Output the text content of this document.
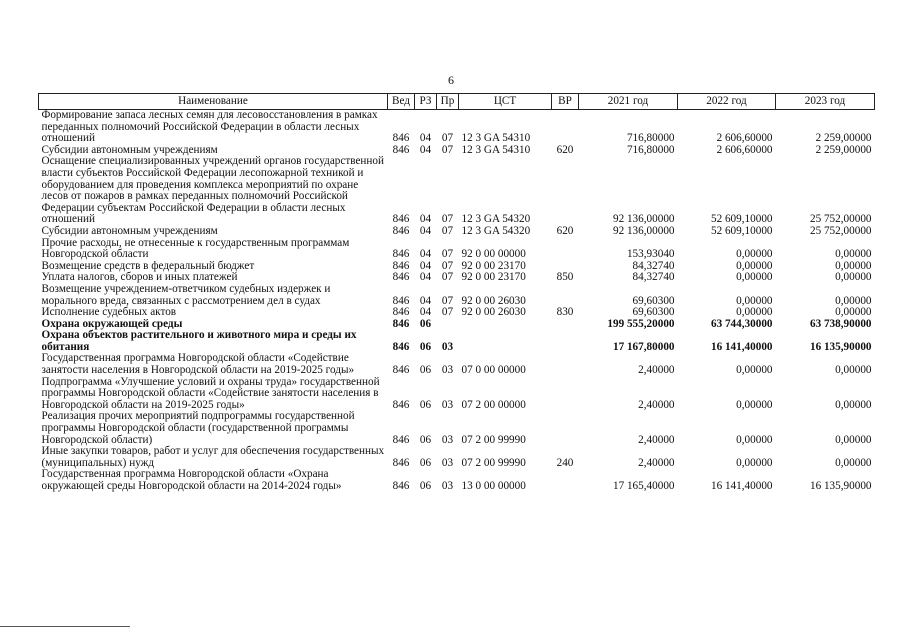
6
Наименование	Вед	РЗ	Пр	ЦСТ	ВР	2021 год	2022 год	2023 год
Формирование запаса лесных семян для лесовосстановления в рамках переданных полномочий Российской Федерации в области лесных отношений	846	04	07	12 3 GA 54310		716,80000	2 606,60000	2 259,00000
Субсидии автономным учреждениям	846	04	07	12 3 GA 54310	620	716,80000	2 606,60000	2 259,00000
Оснащение специализированных учреждений органов государственной власти субъектов Российской Федерации лесопожарной техникой и оборудованием для проведения комплекса мероприятий по охране лесов от пожаров в рамках переданных полномочий Российской Федерации субъектам Российской Федерации в области лесных отношений	846	04	07	12 3 GA 54320		92 136,00000	52 609,10000	25 752,00000
Субсидии автономным учреждениям	846	04	07	12 3 GA 54320	620	92 136,00000	52 609,10000	25 752,00000
Прочие расходы, не отнесенные к государственным программам Новгородской области	846	04	07	92 0 00 00000		153,93040	0,00000	0,00000
Возмещение средств в федеральный бюджет	846	04	07	92 0 00 23170		84,32740	0,00000	0,00000
Уплата налогов, сборов и иных платежей	846	04	07	92 0 00 23170	850	84,32740	0,00000	0,00000
Возмещение учреждением-ответчиком судебных издержек и морального вреда, связанных с рассмотрением дел в судах	846	04	07	92 0 00 26030		69,60300	0,00000	0,00000
Исполнение судебных актов	846	04	07	92 0 00 26030	830	69,60300	0,00000	0,00000
Охрана окружающей среды	846	06				199 555,20000	63 744,30000	63 738,90000
Охрана объектов растительного и животного мира и среды их обитания	846	06	03			17 167,80000	16 141,40000	16 135,90000
Государственная программа Новгородской области «Содействие занятости населения в Новгородской области на 2019-2025 годы»	846	06	03	07 0 00 00000		2,40000	0,00000	0,00000
Подпрограмма «Улучшение условий и охраны труда» государственной программы Новгородской области «Содействие занятости населения в Новгородской области на 2019-2025 годы»	846	06	03	07 2 00 00000		2,40000	0,00000	0,00000
Реализация прочих мероприятий подпрограммы государственной программы Новгородской области (государственной программы Новгородской области)	846	06	03	07 2 00 99990		2,40000	0,00000	0,00000
Иные закупки товаров, работ и услуг для обеспечения государственных (муниципальных) нужд	846	06	03	07 2 00 99990	240	2,40000	0,00000	0,00000
Государственная программа Новгородской области «Охрана окружающей среды Новгородской области на 2014-2024 годы»	846	06	03	13 0 00 00000		17 165,40000	16 141,40000	16 135,90000
